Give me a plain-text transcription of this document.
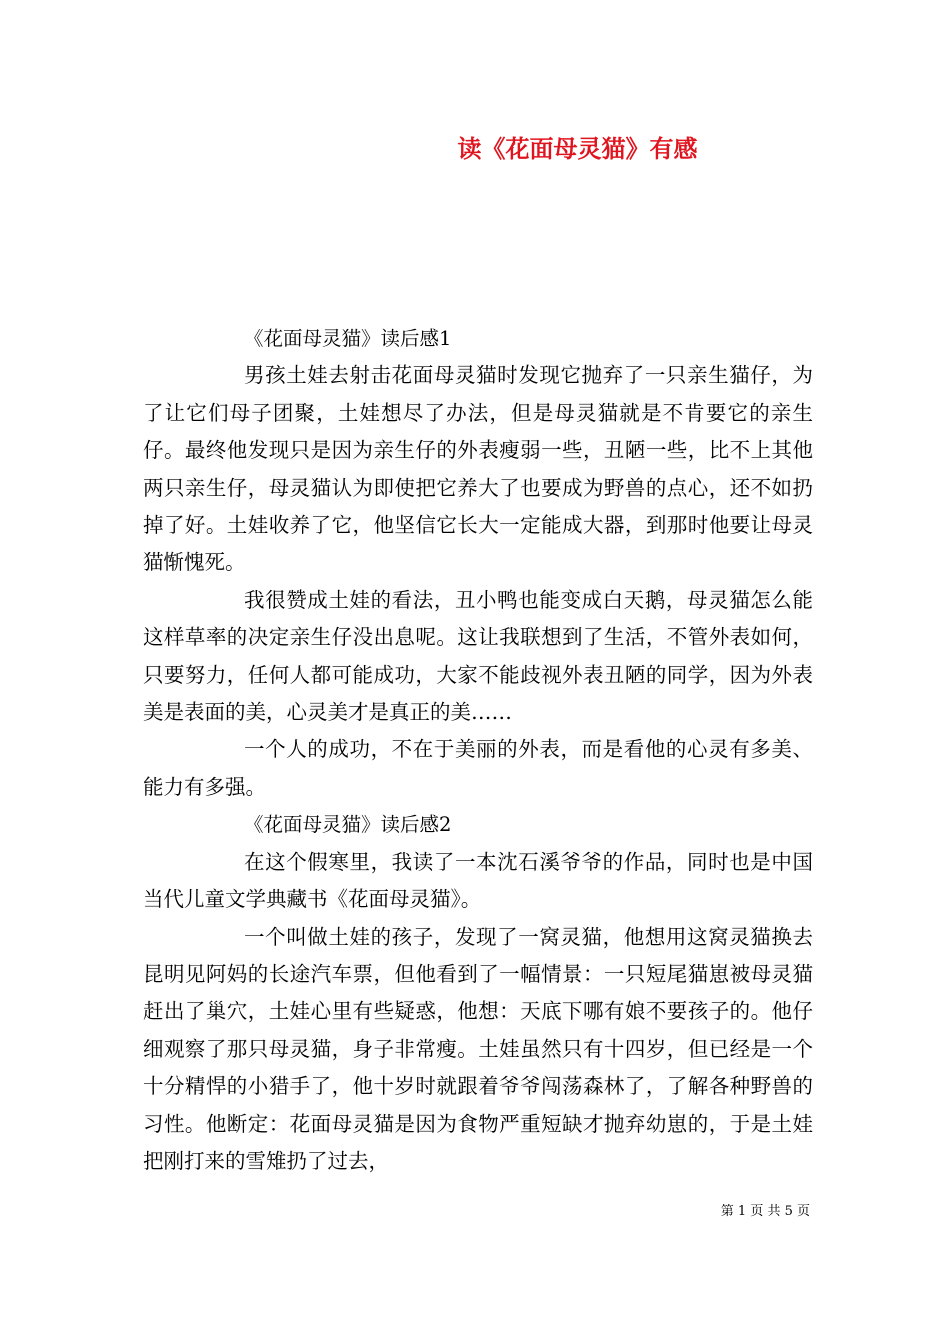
读《花面母灵猫》有感

《花面母灵猫》读后感1

男孩土娃去射击花面母灵猫时发现它抛弃了一只亲生猫仔，为了让它们母子团聚，土娃想尽了办法，但是母灵猫就是不肯要它的亲生仔。最终他发现只是因为亲生仔的外表瘦弱一些，丑陋一些，比不上其他两只亲生仔，母灵猫认为即使把它养大了也要成为野兽的点心，还不如扔掉了好。土娃收养了它，他坚信它长大一定能成大器，到那时他要让母灵猫惭愧死。

我很赞成土娃的看法，丑小鸭也能变成白天鹅，母灵猫怎么能这样草率的决定亲生仔没出息呢。这让我联想到了生活，不管外表如何，只要努力，任何人都可能成功，大家不能歧视外表丑陋的同学，因为外表美是表面的美，心灵美才是真正的美……

一个人的成功，不在于美丽的外表，而是看他的心灵有多美、能力有多强。

《花面母灵猫》读后感2

在这个假寒里，我读了一本沈石溪爷爷的作品，同时也是中国当代儿童文学典藏书《花面母灵猫》。

一个叫做土娃的孩子，发现了一窝灵猫，他想用这窝灵猫换去昆明见阿妈的长途汽车票，但他看到了一幅情景：一只短尾猫崽被母灵猫赶出了巢穴，土娃心里有些疑惑，他想：天底下哪有娘不要孩子的。他仔细观察了那只母灵猫，身子非常瘦。土娃虽然只有十四岁，但已经是一个十分精悍的小猎手了，他十岁时就跟着爷爷闯荡森林了，了解各种野兽的习性。他断定：花面母灵猫是因为食物严重短缺才抛弃幼崽的，于是土娃把刚打来的雪雉扔了过去，

第 1 页 共 5 页
